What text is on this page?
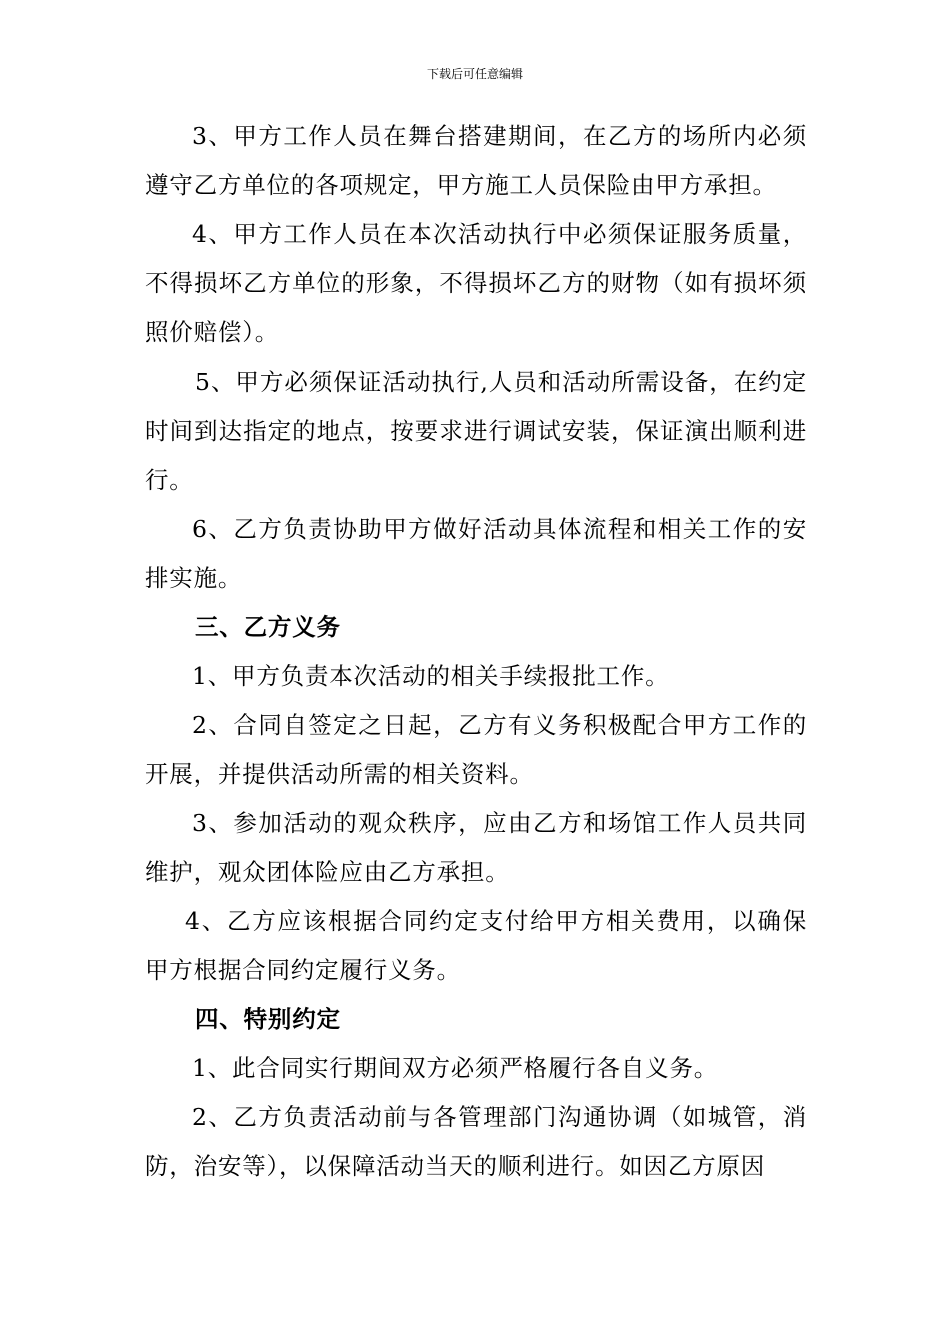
下载后可任意编辑

3、甲方工作人员在舞台搭建期间，在乙方的场所内必须遵守乙方单位的各项规定，甲方施工人员保险由甲方承担。

4、甲方工作人员在本次活动执行中必须保证服务质量，不得损坏乙方单位的形象，不得损坏乙方的财物（如有损坏须照价赔偿）。

5、甲方必须保证活动执行,人员和活动所需设备，在约定时间到达指定的地点，按要求进行调试安装，保证演出顺利进行。

6、乙方负责协助甲方做好活动具体流程和相关工作的安排实施。

三、乙方义务

1、甲方负责本次活动的相关手续报批工作。

2、合同自签定之日起，乙方有义务积极配合甲方工作的开展，并提供活动所需的相关资料。

3、参加活动的观众秩序，应由乙方和场馆工作人员共同维护，观众团体险应由乙方承担。

4、乙方应该根据合同约定支付给甲方相关费用，以确保甲方根据合同约定履行义务。

四、特别约定

1、此合同实行期间双方必须严格履行各自义务。

2、乙方负责活动前与各管理部门沟通协调（如城管，消防，治安等），以保障活动当天的顺利进行。如因乙方原因
